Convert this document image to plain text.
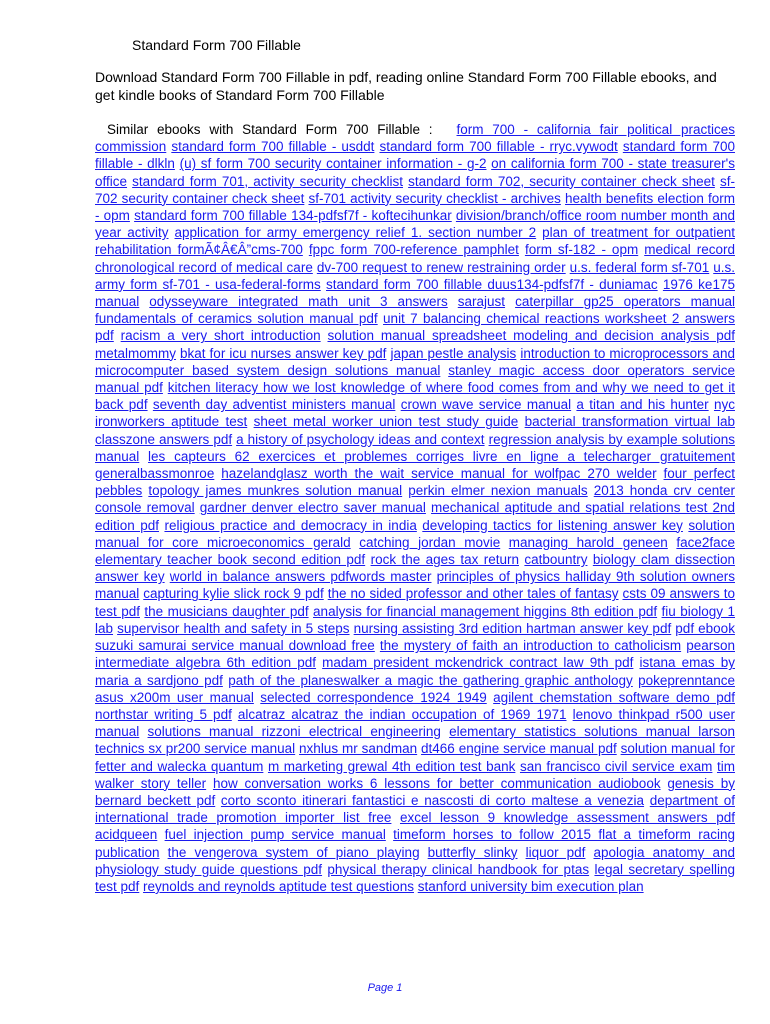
Standard Form 700 Fillable
Download Standard Form 700 Fillable in pdf, reading online Standard Form 700 Fillable ebooks, and get kindle books of Standard Form 700 Fillable
Similar ebooks with Standard Form 700 Fillable : form 700 - california fair political practices commission standard form 700 fillable - usddt standard form 700 fillable - rryc.vywodt standard form 700 fillable - dlkln (u) sf form 700 security container information - g-2 on california form 700 - state treasurer's office standard form 701, activity security checklist standard form 702, security container check sheet sf-702 security container check sheet sf-701 activity security checklist - archives health benefits election form - opm standard form 700 fillable 134-pdfsf7f - koftecihunkar division/branch/office room number month and year activity application for army emergency relief 1. section number 2 plan of treatment for outpatient rehabilitation formÃ¢Â€Â”cms-700 fppc form 700-reference pamphlet form sf-182 - opm medical record chronological record of medical care dv-700 request to renew restraining order u.s. federal form sf-701 u.s. army form sf-701 - usa-federal-forms standard form 700 fillable duus134-pdfsf7f - duniamac 1976 ke175 manual odysseyware integrated math unit 3 answers sarajust caterpillar gp25 operators manual fundamentals of ceramics solution manual pdf unit 7 balancing chemical reactions worksheet 2 answers pdf racism a very short introduction solution manual spreadsheet modeling and decision analysis pdf metalmommy bkat for icu nurses answer key pdf japan pestle analysis introduction to microprocessors and microcomputer based system design solutions manual stanley magic access door operators service manual pdf kitchen literacy how we lost knowledge of where food comes from and why we need to get it back pdf seventh day adventist ministers manual crown wave service manual a titan and his hunter nyc ironworkers aptitude test sheet metal worker union test study guide bacterial transformation virtual lab classzone answers pdf a history of psychology ideas and context regression analysis by example solutions manual les capteurs 62 exercices et problemes corriges livre en ligne a telecharger gratuitement generalbassmonroe hazelandglasz worth the wait service manual for wolfpac 270 welder four perfect pebbles topology james munkres solution manual perkin elmer nexion manuals 2013 honda crv center console removal gardner denver electro saver manual mechanical aptitude and spatial relations test 2nd edition pdf religious practice and democracy in india developing tactics for listening answer key solution manual for core microeconomics gerald catching jordan movie managing harold geneen face2face elementary teacher book second edition pdf rock the ages tax return catbountry biology clam dissection answer key world in balance answers pdfwords master principles of physics halliday 9th solution owners manual capturing kylie slick rock 9 pdf the no sided professor and other tales of fantasy csts 09 answers to test pdf the musicians daughter pdf analysis for financial management higgins 8th edition pdf fiu biology 1 lab supervisor health and safety in 5 steps nursing assisting 3rd edition hartman answer key pdf pdf ebook suzuki samurai service manual download free the mystery of faith an introduction to catholicism pearson intermediate algebra 6th edition pdf madam president mckendrick contract law 9th pdf istana emas by maria a sardjono pdf path of the planeswalker a magic the gathering graphic anthology pokeprenntance asus x200m user manual selected correspondence 1924 1949 agilent chemstation software demo pdf northstar writing 5 pdf alcatraz alcatraz the indian occupation of 1969 1971 lenovo thinkpad r500 user manual solutions manual rizzoni electrical engineering elementary statistics solutions manual larson technics sx pr200 service manual nxhlus mr sandman dt466 engine service manual pdf solution manual for fetter and walecka quantum m marketing grewal 4th edition test bank san francisco civil service exam tim walker story teller how conversation works 6 lessons for better communication audiobook genesis by bernard beckett pdf corto sconto itinerari fantastici e nascosti di corto maltese a venezia department of international trade promotion importer list free excel lesson 9 knowledge assessment answers pdf acidqueen fuel injection pump service manual timeform horses to follow 2015 flat a timeform racing publication the vengerova system of piano playing butterfly slinky liquor pdf apologia anatomy and physiology study guide questions pdf physical therapy clinical handbook for ptas legal secretary spelling test pdf reynolds and reynolds aptitude test questions stanford university bim execution plan
Page 1
